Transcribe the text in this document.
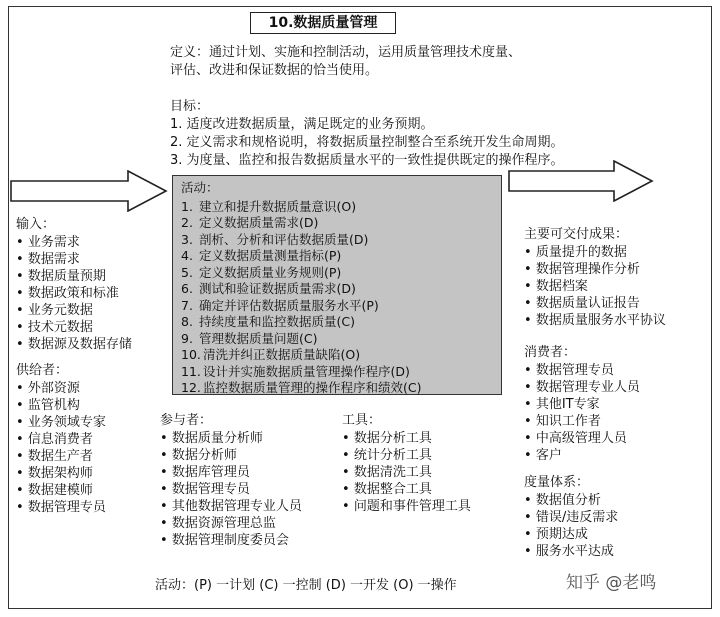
10.数据质量管理
定义：通过计划、实施和控制活动，运用质量管理技术度量、
评估、改进和保证数据的恰当使用。
目标：
1. 适度改进数据质量，满足既定的业务预期。
2. 定义需求和规格说明，将数据质量控制整合至系统开发生命周期。
3. 为度量、监控和报告数据质量水平的一致性提供既定的操作程序。
活动：
1. 建立和提升数据质量意识(O)
2. 定义数据质量需求(D)
3. 剖析、分析和评估数据质量(D)
4. 定义数据质量测量指标(P)
5. 定义数据质量业务规则(P)
6. 测试和验证数据质量需求(D)
7. 确定并评估数据质量服务水平(P)
8. 持续度量和监控数据质量(C)
9. 管理数据质量问题(C)
10. 清洗并纠正数据质量缺陷(O)
11. 设计并实施数据质量管理操作程序(D)
12. 监控数据质量管理的操作程序和绩效(C)
输入：
• 业务需求
• 数据需求
• 数据质量预期
• 数据政策和标准
• 业务元数据
• 技术元数据
• 数据源及数据存储
供给者：
• 外部资源
• 监管机构
• 业务领域专家
• 信息消费者
• 数据生产者
• 数据架构师
• 数据建模师
• 数据管理专员
参与者：
• 数据质量分析师
• 数据分析师
• 数据库管理员
• 数据管理专员
• 其他数据管理专业人员
• 数据资源管理总监
• 数据管理制度委员会
工具：
• 数据分析工具
• 统计分析工具
• 数据清洗工具
• 数据整合工具
• 问题和事件管理工具
主要可交付成果：
• 质量提升的数据
• 数据管理操作分析
• 数据档案
• 数据质量认证报告
• 数据质量服务水平协议
消费者：
• 数据管理专员
• 数据管理专业人员
• 其他IT专家
• 知识工作者
• 中高级管理人员
• 客户
度量体系：
• 数据值分析
• 错误/违反需求
• 预期达成
• 服务水平达成
活动：(P) 一计划 (C) 一控制 (D) 一开发 (O) 一操作	知乎 @老鸣
